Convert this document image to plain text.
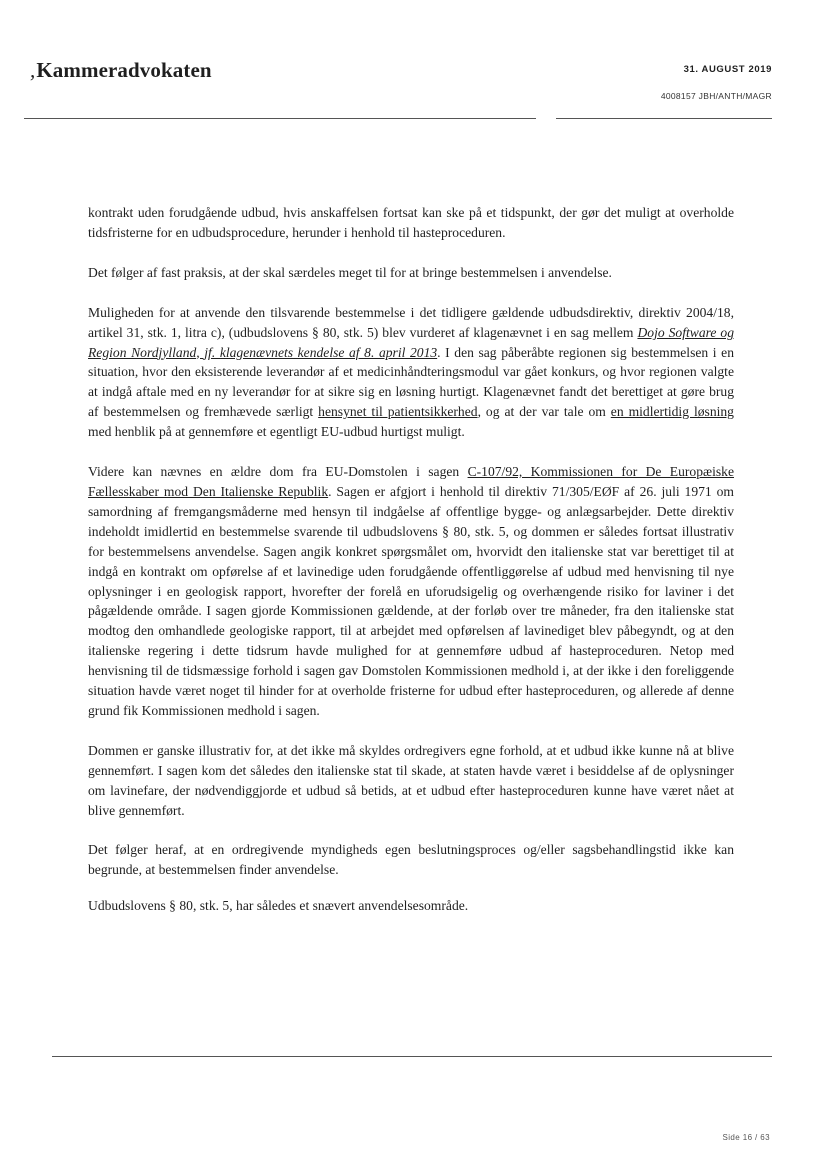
,Kammeradvokaten	31. AUGUST 2019
4008157 JBH/ANTH/MAGR

kontrakt uden forudgående udbud, hvis anskaffelsen fortsat kan ske på et tidspunkt, der gør det muligt at overholde tidsfristerne for en udbudsprocedure, herunder i henhold til hasteproceduren.

Det følger af fast praksis, at der skal særdeles meget til for at bringe bestemmelsen i anvendelse.

Muligheden for at anvende den tilsvarende bestemmelse i det tidligere gældende udbudsdirektiv, direktiv 2004/18, artikel 31, stk. 1, litra c), (udbudslovens § 80, stk. 5) blev vurderet af klagenævnet i en sag mellem Dojo Software og Region Nordjylland, jf. klagenævnets kendelse af 8. april 2013. I den sag påberåbte regionen sig bestemmelsen i en situation, hvor den eksisterende leverandør af et medicinhåndteringsmodul var gået konkurs, og hvor regionen valgte at indgå aftale med en ny leverandør for at sikre sig en løsning hurtigt. Klagenævnet fandt det berettiget at gøre brug af bestemmelsen og fremhævede særligt hensynet til patientsikkerhed, og at der var tale om en midlertidig løsning med henblik på at gennemføre et egentligt EU-udbud hurtigst muligt.

Videre kan nævnes en ældre dom fra EU-Domstolen i sagen C-107/92, Kommissionen for De Europæiske Fællesskaber mod Den Italienske Republik. Sagen er afgjort i henhold til direktiv 71/305/EØF af 26. juli 1971 om samordning af fremgangsmåderne med hensyn til indgåelse af offentlige bygge- og anlægsarbejder. Dette direktiv indeholdt imidlertid en bestemmelse svarende til udbudslovens § 80, stk. 5, og dommen er således fortsat illustrativ for bestemmelsens anvendelse. Sagen angik konkret spørgsmålet om, hvorvidt den italienske stat var berettiget til at indgå en kontrakt om opførelse af et lavinedige uden forudgående offentliggørelse af udbud med henvisning til nye oplysninger i en geologisk rapport, hvorefter der forelå en uforudsigelig og overhængende risiko for laviner i det pågældende område. I sagen gjorde Kommissionen gældende, at der forløb over tre måneder, fra den italienske stat modtog den omhandlede geologiske rapport, til at arbejdet med opførelsen af lavinediget blev påbegyndt, og at den italienske regering i dette tidsrum havde mulighed for at gennemføre udbud af hasteproceduren. Netop med henvisning til de tidsmæssige forhold i sagen gav Domstolen Kommissionen medhold i, at der ikke i den foreliggende situation havde været noget til hinder for at overholde fristerne for udbud efter hasteproceduren, og allerede af denne grund fik Kommissionen medhold i sagen.

Dommen er ganske illustrativ for, at det ikke må skyldes ordregivers egne forhold, at et udbud ikke kunne nå at blive gennemført. I sagen kom det således den italienske stat til skade, at staten havde været i besiddelse af de oplysninger om lavinefare, der nødvendiggjorde et udbud så betids, at et udbud efter hasteproceduren kunne have været nået at blive gennemført.

Det følger heraf, at en ordregivende myndigheds egen beslutningsproces og/eller sagsbehandlingstid ikke kan begrunde, at bestemmelsen finder anvendelse.

Udbudslovens § 80, stk. 5, har således et snævert anvendelsesområde.

Side 16 / 63
